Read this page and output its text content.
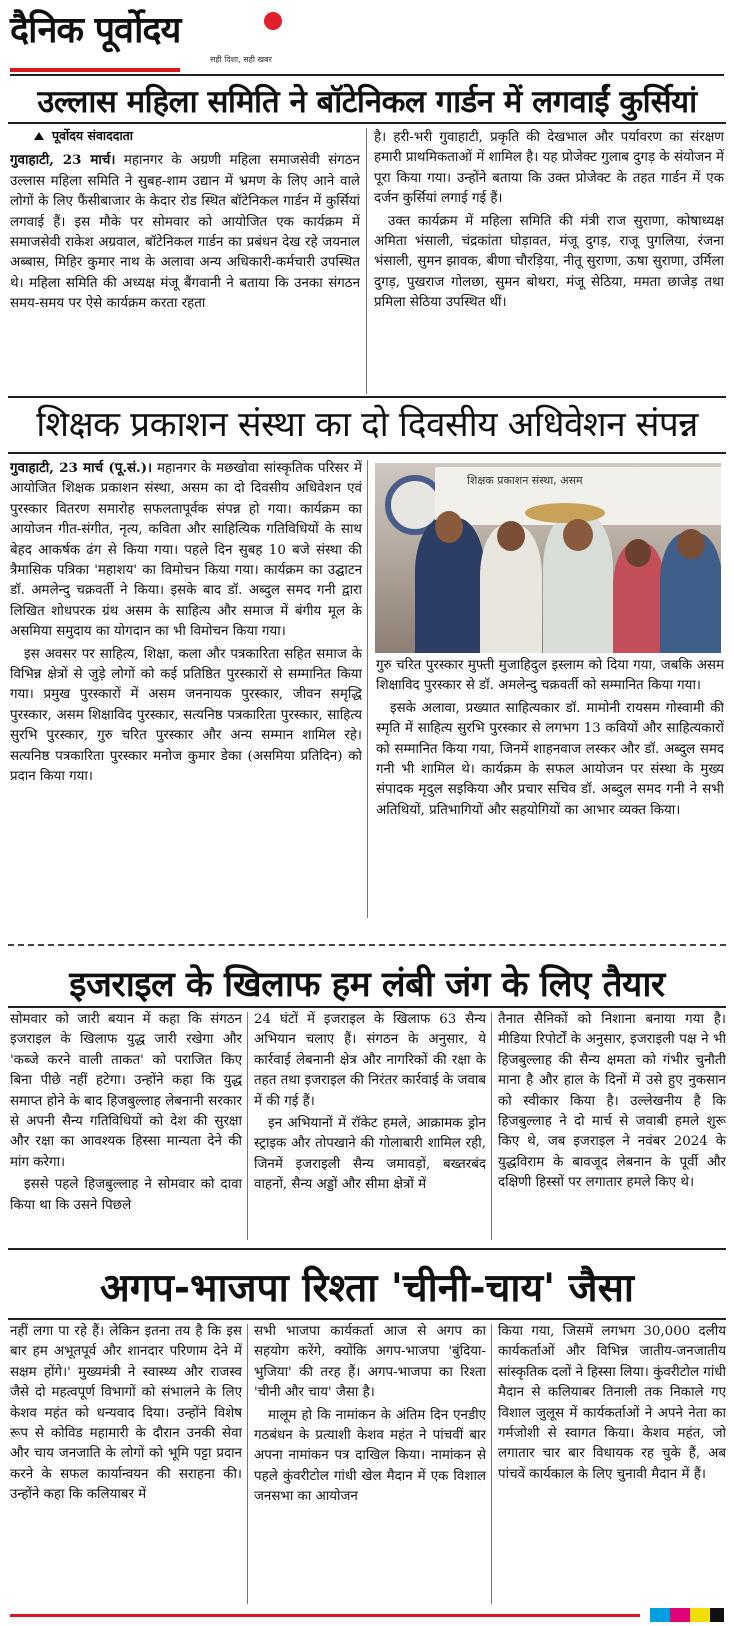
दैनिक पूर्वोदय
सही दिशा, सही खबर
उल्लास महिला समिति ने बॉटेनिकल गार्डन में लगवाईं कुर्सियां
पूर्वोदय संवाददाता

गुवाहाटी, 23 मार्च। महानगर के अग्रणी महिला समाजसेवी संगठन उल्लास महिला समिति ने सुबह-शाम उद्यान में भ्रमण के लिए आने वाले लोगों के लिए फैंसीबाजार के केदार रोड स्थित बॉटेनिकल गार्डन में कुर्सियां लगवाई हैं। इस मौके पर सोमवार को आयोजित एक कार्यक्रम में समाजसेवी राकेश अग्रवाल, बॉटेनिकल गार्डन का प्रबंधन देख रहे जयनाल अब्बास, मिहिर कुमार नाथ के अलावा अन्य अधिकारी-कर्मचारी उपस्थित थे। महिला समिति की अध्यक्ष मंजू बैंगवानी ने बताया कि उनका संगठन समय-समय पर ऐसे कार्यक्रम करता रहता

है। हरी-भरी गुवाहाटी, प्रकृति की देखभाल और पर्यावरण का संरक्षण हमारी प्राथमिकताओं में शामिल है। यह प्रोजेक्ट गुलाब दुगड़ के संयोजन में पूरा किया गया। उन्होंने बताया कि उक्त प्रोजेक्ट के तहत गार्डन में एक दर्जन कुर्सियां लगाई गई हैं।

उक्त कार्यक्रम में महिला समिति की मंत्री राज सुराणा, कोषाध्यक्ष अमिता भंसाली, चंद्रकांता घोड़ावत, मंजू दुगड़, राजू पुगलिया, रंजना भंसाली, सुमन झावक, बीणा चौरड़िया, नीतू सुराणा, ऊषा सुराणा, उर्मिला दुगड़, पुखराज गोलछा, सुमन बोथरा, मंजू सेठिया, ममता छाजेड़ तथा प्रमिला सेठिया उपस्थित थीं।

शिक्षक प्रकाशन संस्था का दो दिवसीय अधिवेशन संपन्न

गुवाहाटी, 23 मार्च (पू.सं.)। महानगर के मछखोवा सांस्कृतिक परिसर में आयोजित शिक्षक प्रकाशन संस्था, असम का दो दिवसीय अधिवेशन एवं पुरस्कार वितरण समारोह सफलतापूर्वक संपन्न हो गया। कार्यक्रम का आयोजन गीत-संगीत, नृत्य, कविता और साहित्यिक गतिविधियों के साथ बेहद आकर्षक ढंग से किया गया। पहले दिन सुबह 10 बजे संस्था की त्रैमासिक पत्रिका 'महाशय' का विमोचन किया गया। कार्यक्रम का उद्घाटन डॉ. अमलेन्दु चक्रवर्ती ने किया। इसके बाद डॉ. अब्दुल समद गनी द्वारा लिखित शोधपरक ग्रंथ असम के साहित्य और समाज में बंगीय मूल के असमिया समुदाय का योगदान का भी विमोचन किया गया।

इस अवसर पर साहित्य, शिक्षा, कला और पत्रकारिता सहित समाज के विभिन्न क्षेत्रों से जुड़े लोगों को कई प्रतिष्ठित पुरस्कारों से सम्मानित किया गया। प्रमुख पुरस्कारों में असम जननायक पुरस्कार, जीवन समृद्धि पुरस्कार, असम शिक्षाविद पुरस्कार, सत्यनिष्ठ पत्रकारिता पुरस्कार, साहित्य सुरभि पुरस्कार, गुरु चरित पुरस्कार और अन्य सम्मान शामिल रहे। सत्यनिष्ठ पत्रकारिता पुरस्कार मनोज कुमार डेका (असमिया प्रतिदिन) को प्रदान किया गया।

शिक्षक प्रकाशन संस्था, असम

गुरु चरित पुरस्कार मुफ्ती मुजाहिदुल इस्लाम को दिया गया, जबकि असम शिक्षाविद पुरस्कार से डॉ. अमलेन्दु चक्रवर्ती को सम्मानित किया गया।

इसके अलावा, प्रख्यात साहित्यकार डॉ. मामोनी रायसम गोस्वामी की स्मृति में साहित्य सुरभि पुरस्कार से लगभग 13 कवियों और साहित्यकारों को सम्मानित किया गया, जिनमें शाहनवाज लस्कर और डॉ. अब्दुल समद गनी भी शामिल थे। कार्यक्रम के सफल आयोजन पर संस्था के मुख्य संपादक मृदुल सइकिया और प्रचार सचिव डॉ. अब्दुल समद गनी ने सभी अतिथियों, प्रतिभागियों और सहयोगियों का आभार व्यक्त किया।

इजराइल के खिलाफ हम लंबी जंग के लिए तैयार

सोमवार को जारी बयान में कहा कि संगठन इजराइल के खिलाफ युद्ध जारी रखेगा और 'कब्जे करने वाली ताकत' को पराजित किए बिना पीछे नहीं हटेगा। उन्होंने कहा कि युद्ध समाप्त होने के बाद हिजबुल्लाह लेबनानी सरकार से अपनी सैन्य गतिविधियों को देश की सुरक्षा और रक्षा का आवश्यक हिस्सा मान्यता देने की मांग करेगा।

इससे पहले हिजबुल्लाह ने सोमवार को दावा किया था कि उसने पिछले

24 घंटों में इजराइल के खिलाफ 63 सैन्य अभियान चलाए हैं। संगठन के अनुसार, ये कार्रवाई लेबनानी क्षेत्र और नागरिकों की रक्षा के तहत तथा इजराइल की निरंतर कार्रवाई के जवाब में की गई हैं।

इन अभियानों में रॉकेट हमले, आक्रामक ड्रोन स्ट्राइक और तोपखाने की गोलाबारी शामिल रही, जिनमें इजराइली सैन्य जमावड़ों, बख्तरबंद वाहनों, सैन्य अड्डों और सीमा क्षेत्रों में

तैनात सैनिकों को निशाना बनाया गया है। मीडिया रिपोर्टों के अनुसार, इजराइली पक्ष ने भी हिजबुल्लाह की सैन्य क्षमता को गंभीर चुनौती माना है और हाल के दिनों में उसे हुए नुकसान को स्वीकार किया है। उल्लेखनीय है कि हिजबुल्लाह ने दो मार्च से जवाबी हमले शुरू किए थे, जब इजराइल ने नवंबर 2024 के युद्धविराम के बावजूद लेबनान के पूर्वी और दक्षिणी हिस्सों पर लगातार हमले किए थे।

अगप-भाजपा रिश्ता 'चीनी-चाय' जैसा

नहीं लगा पा रहे हैं। लेकिन इतना तय है कि इस बार हम अभूतपूर्व और शानदार परिणाम देने में सक्षम होंगे।' मुख्यमंत्री ने स्वास्थ्य और राजस्व जैसे दो महत्वपूर्ण विभागों को संभालने के लिए केशव महंत को धन्यवाद दिया। उन्होंने विशेष रूप से कोविड महामारी के दौरान उनकी सेवा और चाय जनजाति के लोगों को भूमि पट्टा प्रदान करने के सफल कार्यान्वयन की सराहना की। उन्होंने कहा कि कलियाबर में

सभी भाजपा कार्यकर्ता आज से अगप का सहयोग करेंगे, क्योंकि अगप-भाजपा 'बुंदिया-भुजिया' की तरह हैं। अगप-भाजपा का रिश्ता 'चीनी और चाय' जैसा है।

मालूम हो कि नामांकन के अंतिम दिन एनडीए गठबंधन के प्रत्याशी केशव महंत ने पांचवीं बार अपना नामांकन पत्र दाखिल किया। नामांकन से पहले कुंवरीटोल गांधी खेल मैदान में एक विशाल जनसभा का आयोजन

किया गया, जिसमें लगभग 30,000 दलीय कार्यकर्ताओं और विभिन्न जातीय-जनजातीय सांस्कृतिक दलों ने हिस्सा लिया। कुंवरीटोल गांधी मैदान से कलियाबर तिनाली तक निकाले गए विशाल जुलूस में कार्यकर्ताओं ने अपने नेता का गर्मजोशी से स्वागत किया। केशव महंत, जो लगातार चार बार विधायक रह चुके हैं, अब पांचवें कार्यकाल के लिए चुनावी मैदान में हैं।
